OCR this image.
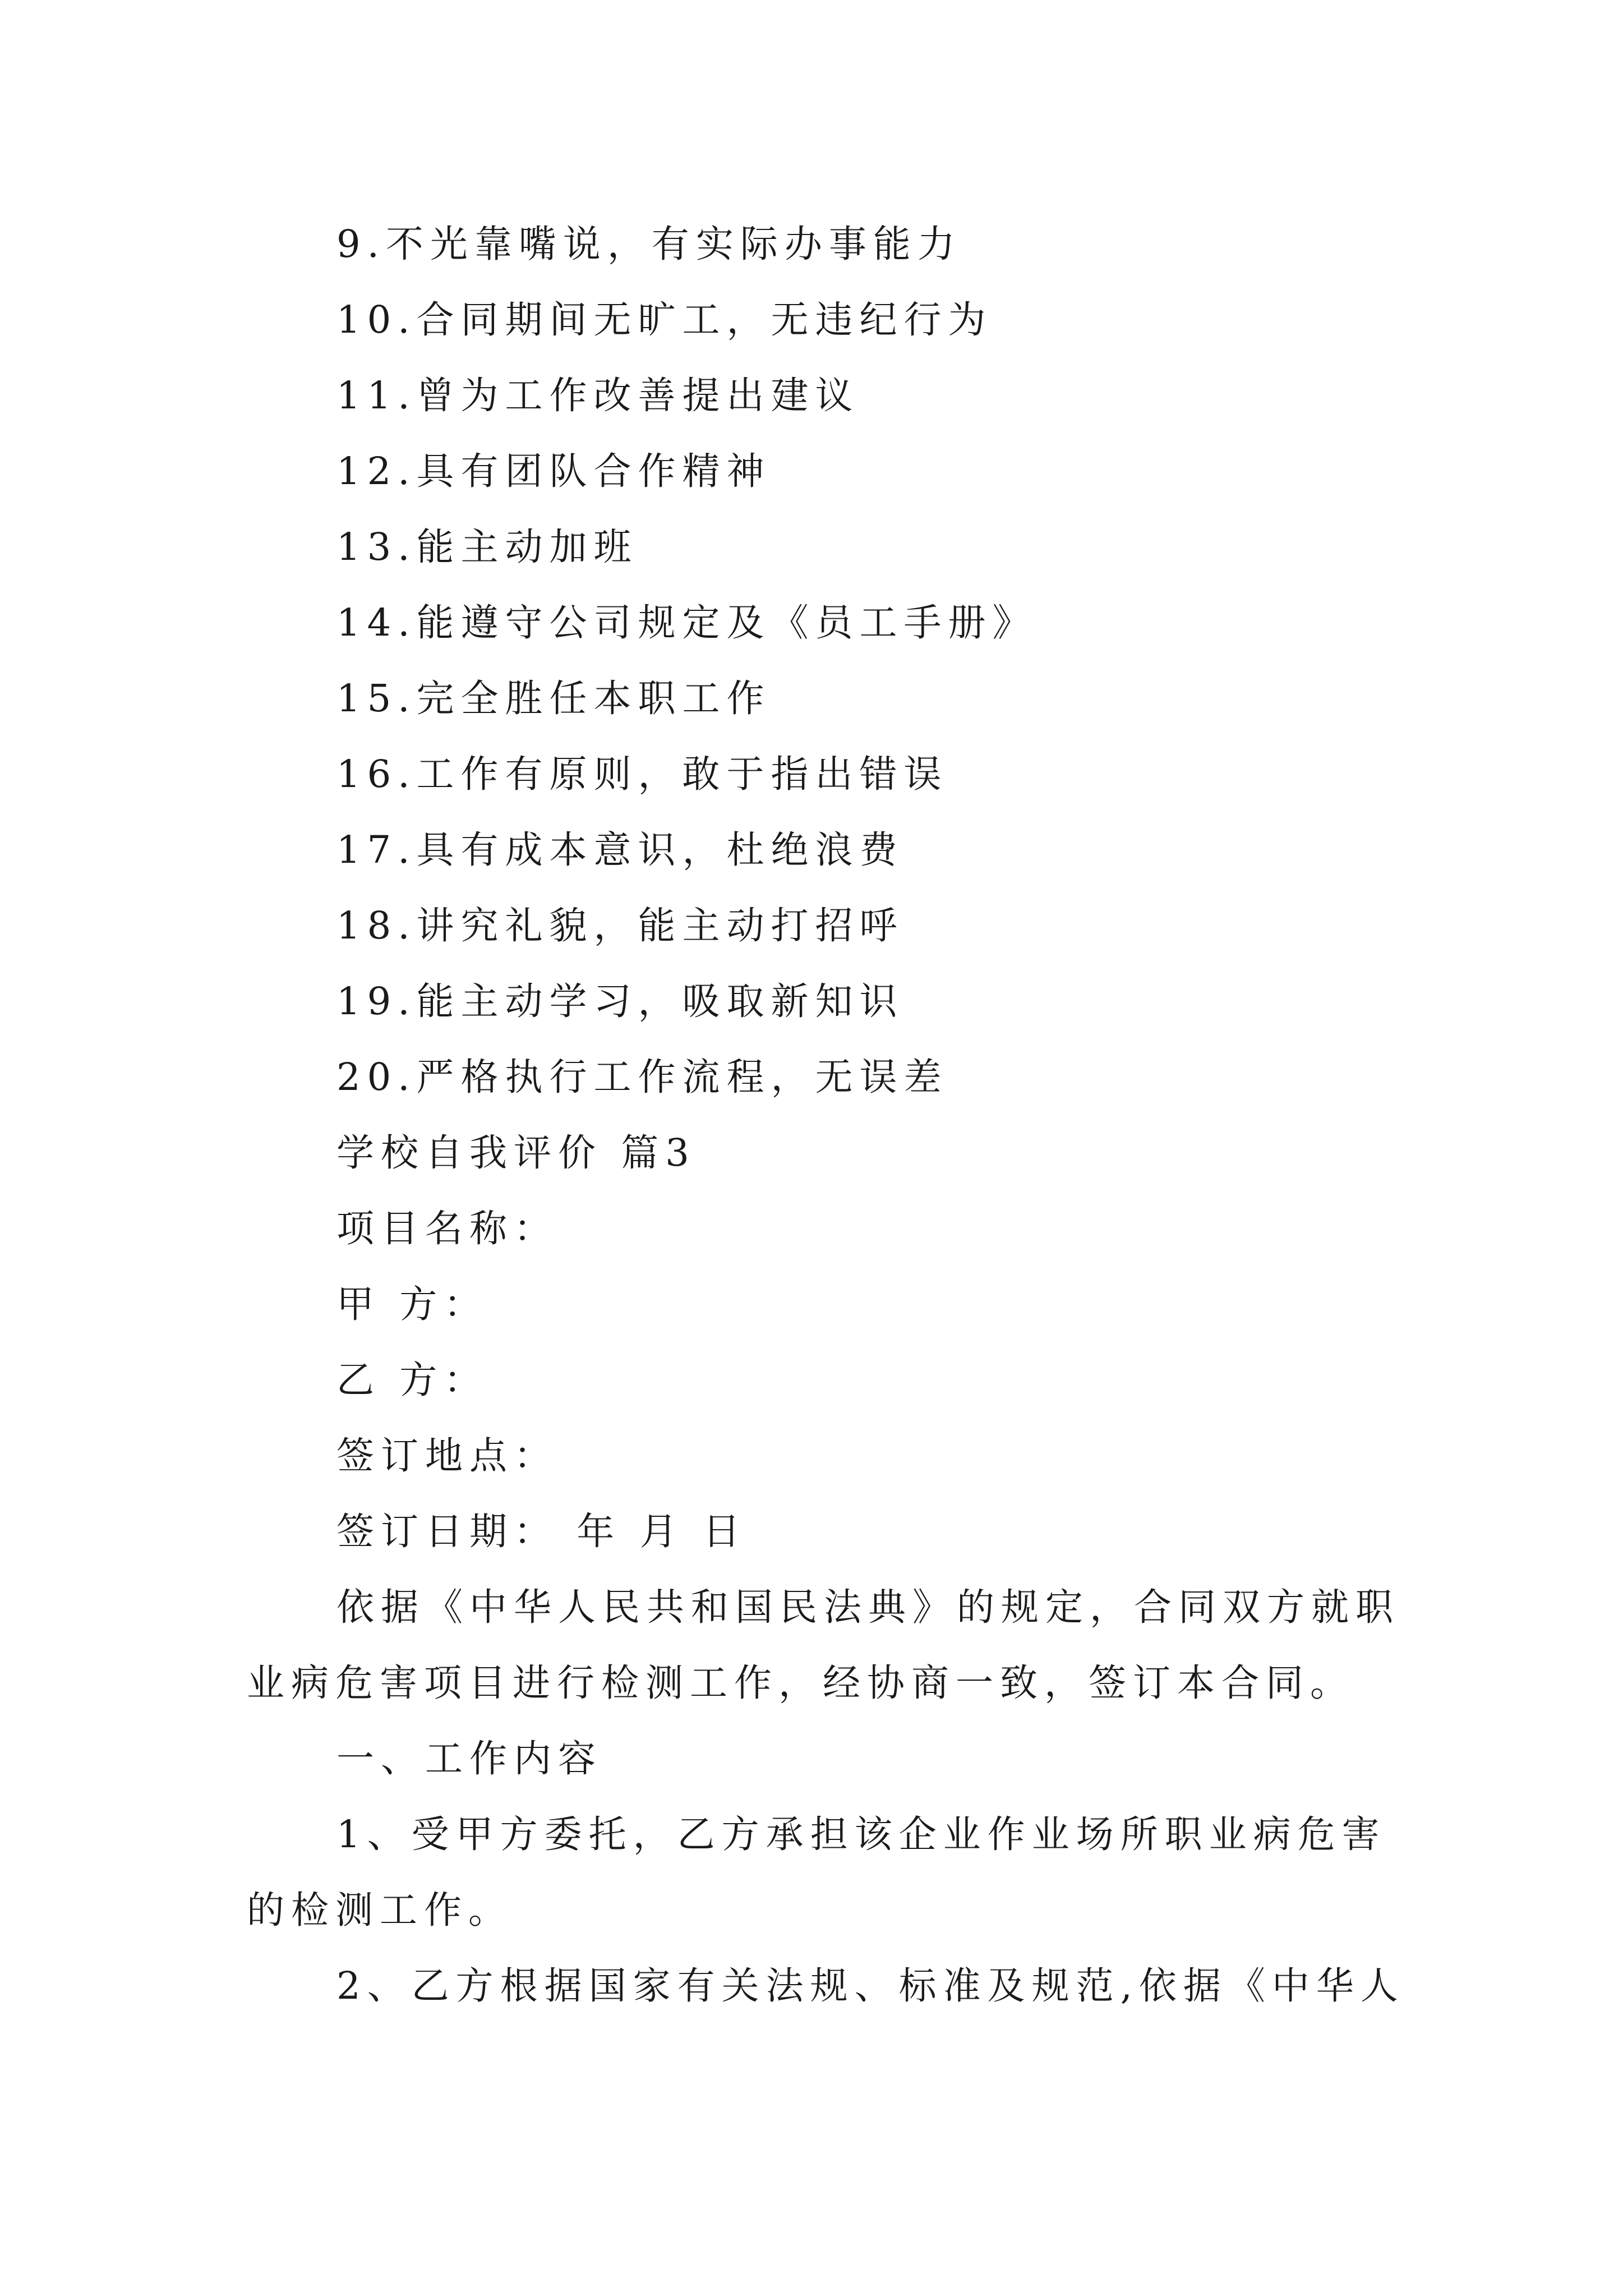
9.不光靠嘴说，有实际办事能力
10.合同期间无旷工，无违纪行为
11.曾为工作改善提出建议
12.具有团队合作精神
13.能主动加班
14.能遵守公司规定及《员工手册》
15.完全胜任本职工作
16.工作有原则，敢于指出错误
17.具有成本意识，杜绝浪费
18.讲究礼貌，能主动打招呼
19.能主动学习，吸取新知识
20.严格执行工作流程，无误差
学校自我评价 篇3
项目名称：
甲 方：
乙 方：
签订地点：
签订日期： 年 月 日
依据《中华人民共和国民法典》的规定，合同双方就职
业病危害项目进行检测工作，经协商一致，签订本合同。
一、工作内容
1、受甲方委托，乙方承担该企业作业场所职业病危害
的检测工作。
2、乙方根据国家有关法规、标准及规范,依据《中华人
